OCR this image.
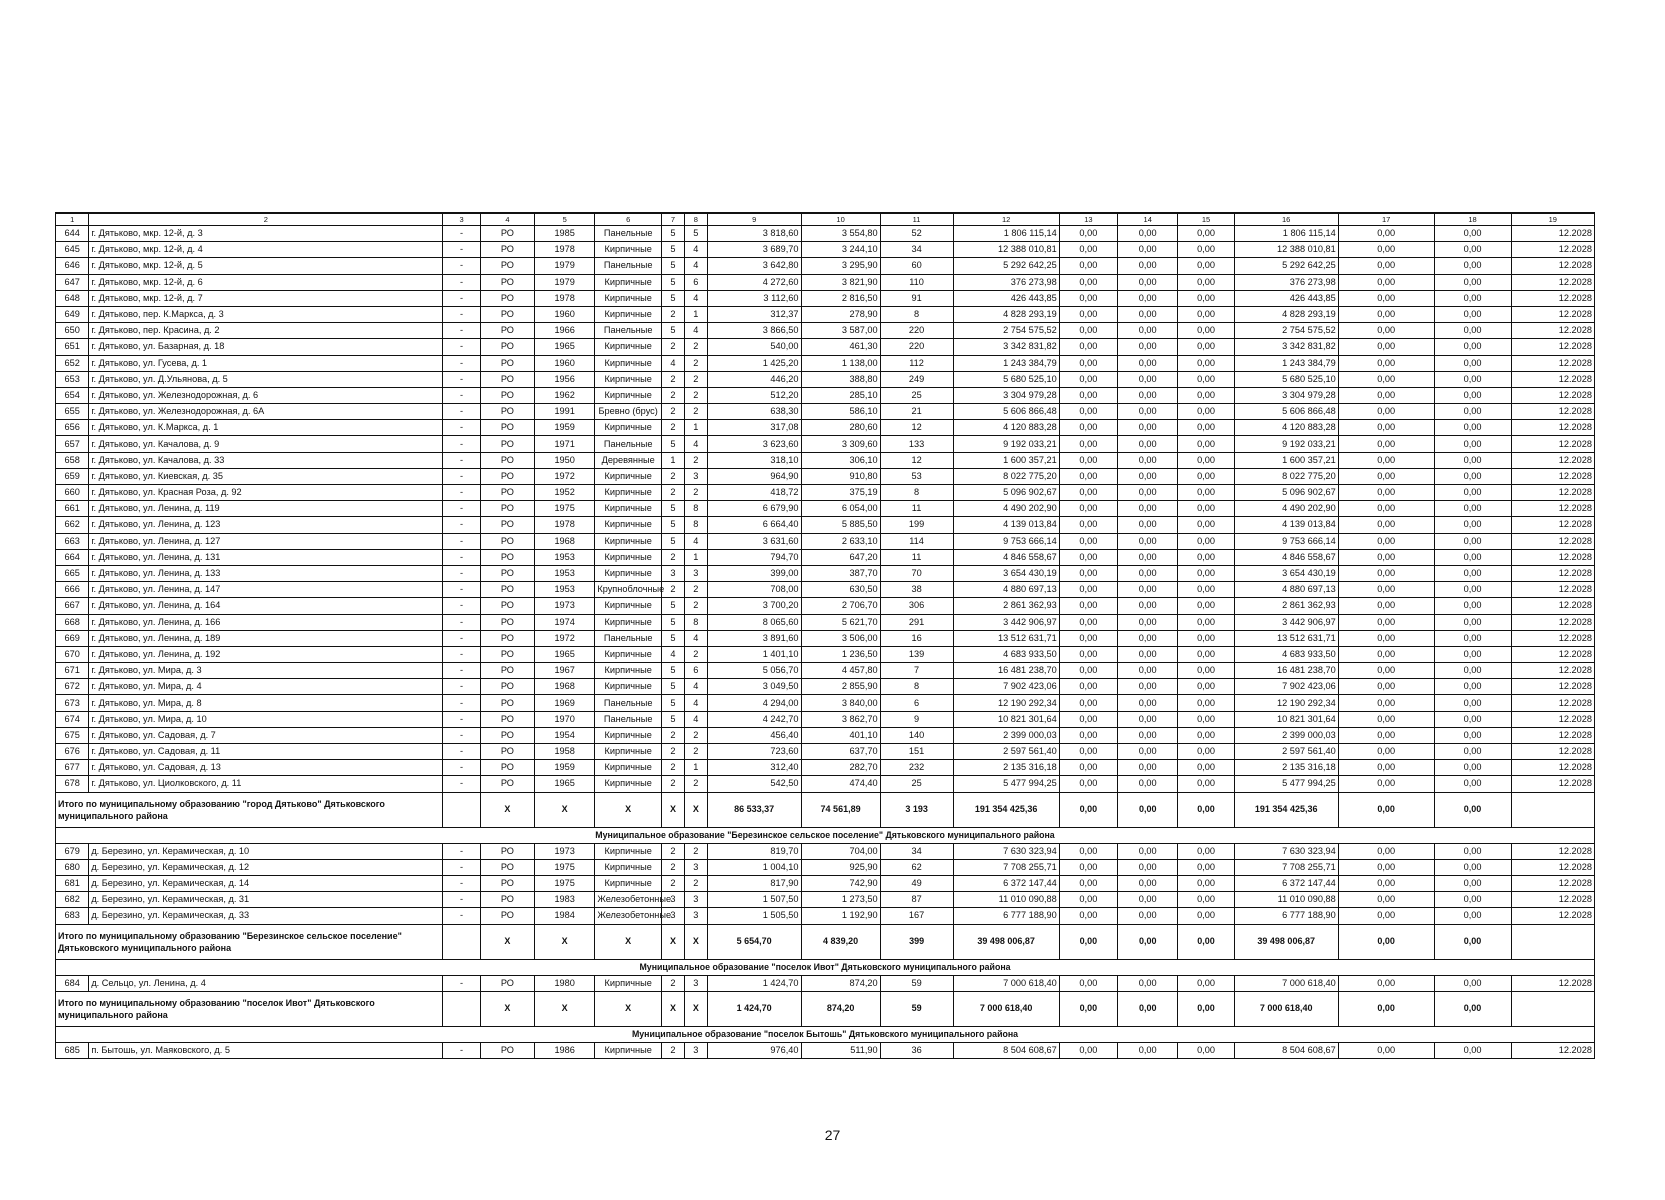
1	2	3	4	5	6	7	8	9	10	11	12	13	14	15	16	17	18	19
644	г. Дятьково, мкр. 12-й, д. 3	-	РО	1985	Панельные	5	5	3 818,60	3 554,80	52	1 806 115,14	0,00	0,00	0,00	1 806 115,14	0,00	0,00	12.2028
645	г. Дятьково, мкр. 12-й, д. 4	-	РО	1978	Кирпичные	5	4	3 689,70	3 244,10	34	12 388 010,81	0,00	0,00	0,00	12 388 010,81	0,00	0,00	12.2028
646	г. Дятьково, мкр. 12-й, д. 5	-	РО	1979	Панельные	5	4	3 642,80	3 295,90	60	5 292 642,25	0,00	0,00	0,00	5 292 642,25	0,00	0,00	12.2028
647	г. Дятьково, мкр. 12-й, д. 6	-	РО	1979	Кирпичные	5	6	4 272,60	3 821,90	110	376 273,98	0,00	0,00	0,00	376 273,98	0,00	0,00	12.2028
648	г. Дятьково, мкр. 12-й, д. 7	-	РО	1978	Кирпичные	5	4	3 112,60	2 816,50	91	426 443,85	0,00	0,00	0,00	426 443,85	0,00	0,00	12.2028
649	г. Дятьково, пер. К.Маркса, д. 3	-	РО	1960	Кирпичные	2	1	312,37	278,90	8	4 828 293,19	0,00	0,00	0,00	4 828 293,19	0,00	0,00	12.2028
650	г. Дятьково, пер. Красина, д. 2	-	РО	1966	Панельные	5	4	3 866,50	3 587,00	220	2 754 575,52	0,00	0,00	0,00	2 754 575,52	0,00	0,00	12.2028
651	г. Дятьково, ул. Базарная, д. 18	-	РО	1965	Кирпичные	2	2	540,00	461,30	220	3 342 831,82	0,00	0,00	0,00	3 342 831,82	0,00	0,00	12.2028
652	г. Дятьково, ул. Гусева, д. 1	-	РО	1960	Кирпичные	4	2	1 425,20	1 138,00	112	1 243 384,79	0,00	0,00	0,00	1 243 384,79	0,00	0,00	12.2028
653	г. Дятьково, ул. Д.Ульянова, д. 5	-	РО	1956	Кирпичные	2	2	446,20	388,80	249	5 680 525,10	0,00	0,00	0,00	5 680 525,10	0,00	0,00	12.2028
654	г. Дятьково, ул. Железнодорожная, д. 6	-	РО	1962	Кирпичные	2	2	512,20	285,10	25	3 304 979,28	0,00	0,00	0,00	3 304 979,28	0,00	0,00	12.2028
655	г. Дятьково, ул. Железнодорожная, д. 6А	-	РО	1991	Бревно (брус)	2	2	638,30	586,10	21	5 606 866,48	0,00	0,00	0,00	5 606 866,48	0,00	0,00	12.2028
656	г. Дятьково, ул. К.Маркса, д. 1	-	РО	1959	Кирпичные	2	1	317,08	280,60	12	4 120 883,28	0,00	0,00	0,00	4 120 883,28	0,00	0,00	12.2028
657	г. Дятьково, ул. Качалова, д. 9	-	РО	1971	Панельные	5	4	3 623,60	3 309,60	133	9 192 033,21	0,00	0,00	0,00	9 192 033,21	0,00	0,00	12.2028
658	г. Дятьково, ул. Качалова, д. 33	-	РО	1950	Деревянные	1	2	318,10	306,10	12	1 600 357,21	0,00	0,00	0,00	1 600 357,21	0,00	0,00	12.2028
659	г. Дятьково, ул. Киевская, д. 35	-	РО	1972	Кирпичные	2	3	964,90	910,80	53	8 022 775,20	0,00	0,00	0,00	8 022 775,20	0,00	0,00	12.2028
660	г. Дятьково, ул. Красная Роза, д. 92	-	РО	1952	Кирпичные	2	2	418,72	375,19	8	5 096 902,67	0,00	0,00	0,00	5 096 902,67	0,00	0,00	12.2028
661	г. Дятьково, ул. Ленина, д. 119	-	РО	1975	Кирпичные	5	8	6 679,90	6 054,00	11	4 490 202,90	0,00	0,00	0,00	4 490 202,90	0,00	0,00	12.2028
662	г. Дятьково, ул. Ленина, д. 123	-	РО	1978	Кирпичные	5	8	6 664,40	5 885,50	199	4 139 013,84	0,00	0,00	0,00	4 139 013,84	0,00	0,00	12.2028
663	г. Дятьково, ул. Ленина, д. 127	-	РО	1968	Кирпичные	5	4	3 631,60	2 633,10	114	9 753 666,14	0,00	0,00	0,00	9 753 666,14	0,00	0,00	12.2028
664	г. Дятьково, ул. Ленина, д. 131	-	РО	1953	Кирпичные	2	1	794,70	647,20	11	4 846 558,67	0,00	0,00	0,00	4 846 558,67	0,00	0,00	12.2028
665	г. Дятьково, ул. Ленина, д. 133	-	РО	1953	Кирпичные	3	3	399,00	387,70	70	3 654 430,19	0,00	0,00	0,00	3 654 430,19	0,00	0,00	12.2028
666	г. Дятьково, ул. Ленина, д. 147	-	РО	1953	Крупноблочные	2	2	708,00	630,50	38	4 880 697,13	0,00	0,00	0,00	4 880 697,13	0,00	0,00	12.2028
667	г. Дятьково, ул. Ленина, д. 164	-	РО	1973	Кирпичные	5	2	3 700,20	2 706,70	306	2 861 362,93	0,00	0,00	0,00	2 861 362,93	0,00	0,00	12.2028
668	г. Дятьково, ул. Ленина, д. 166	-	РО	1974	Кирпичные	5	8	8 065,60	5 621,70	291	3 442 906,97	0,00	0,00	0,00	3 442 906,97	0,00	0,00	12.2028
669	г. Дятьково, ул. Ленина, д. 189	-	РО	1972	Панельные	5	4	3 891,60	3 506,00	16	13 512 631,71	0,00	0,00	0,00	13 512 631,71	0,00	0,00	12.2028
670	г. Дятьково, ул. Ленина, д. 192	-	РО	1965	Кирпичные	4	2	1 401,10	1 236,50	139	4 683 933,50	0,00	0,00	0,00	4 683 933,50	0,00	0,00	12.2028
671	г. Дятьково, ул. Мира, д. 3	-	РО	1967	Кирпичные	5	6	5 056,70	4 457,80	7	16 481 238,70	0,00	0,00	0,00	16 481 238,70	0,00	0,00	12.2028
672	г. Дятьково, ул. Мира, д. 4	-	РО	1968	Кирпичные	5	4	3 049,50	2 855,90	8	7 902 423,06	0,00	0,00	0,00	7 902 423,06	0,00	0,00	12.2028
673	г. Дятьково, ул. Мира, д. 8	-	РО	1969	Панельные	5	4	4 294,00	3 840,00	6	12 190 292,34	0,00	0,00	0,00	12 190 292,34	0,00	0,00	12.2028
674	г. Дятьково, ул. Мира, д. 10	-	РО	1970	Панельные	5	4	4 242,70	3 862,70	9	10 821 301,64	0,00	0,00	0,00	10 821 301,64	0,00	0,00	12.2028
675	г. Дятьково, ул. Садовая, д. 7	-	РО	1954	Кирпичные	2	2	456,40	401,10	140	2 399 000,03	0,00	0,00	0,00	2 399 000,03	0,00	0,00	12.2028
676	г. Дятьково, ул. Садовая, д. 11	-	РО	1958	Кирпичные	2	2	723,60	637,70	151	2 597 561,40	0,00	0,00	0,00	2 597 561,40	0,00	0,00	12.2028
677	г. Дятьково, ул. Садовая, д. 13	-	РО	1959	Кирпичные	2	1	312,40	282,70	232	2 135 316,18	0,00	0,00	0,00	2 135 316,18	0,00	0,00	12.2028
678	г. Дятьково, ул. Циолковского, д. 11	-	РО	1965	Кирпичные	2	2	542,50	474,40	25	5 477 994,25	0,00	0,00	0,00	5 477 994,25	0,00	0,00	12.2028
Итого по муниципальному образованию "город Дятьково" Дятьковского муниципального района			X	X	X	X	X	86 533,37	74 561,89	3 193	191 354 425,36	0,00	0,00	0,00	191 354 425,36	0,00	0,00	
Муниципальное образование "Березинское сельское поселение" Дятьковского муниципального района																		
679	д. Березино, ул. Керамическая, д. 10	-	РО	1973	Кирпичные	2	2	819,70	704,00	34	7 630 323,94	0,00	0,00	0,00	7 630 323,94	0,00	0,00	12.2028
680	д. Березино, ул. Керамическая, д. 12	-	РО	1975	Кирпичные	2	3	1 004,10	925,90	62	7 708 255,71	0,00	0,00	0,00	7 708 255,71	0,00	0,00	12.2028
681	д. Березино, ул. Керамическая, д. 14	-	РО	1975	Кирпичные	2	2	817,90	742,90	49	6 372 147,44	0,00	0,00	0,00	6 372 147,44	0,00	0,00	12.2028
682	д. Березино, ул. Керамическая, д. 31	-	РО	1983	Железобетонные	3	3	1 507,50	1 273,50	87	11 010 090,88	0,00	0,00	0,00	11 010 090,88	0,00	0,00	12.2028
683	д. Березино, ул. Керамическая, д. 33	-	РО	1984	Железобетонные	3	3	1 505,50	1 192,90	167	6 777 188,90	0,00	0,00	0,00	6 777 188,90	0,00	0,00	12.2028
Итого по муниципальному образованию "Березинское сельское поселение" Дятьковского муниципального района			X	X	X	X	X	5 654,70	4 839,20	399	39 498 006,87	0,00	0,00	0,00	39 498 006,87	0,00	0,00	
Муниципальное образование "поселок Ивот" Дятьковского муниципального района																		
684	д. Сельцо, ул. Ленина, д. 4	-	РО	1980	Кирпичные	2	3	1 424,70	874,20	59	7 000 618,40	0,00	0,00	0,00	7 000 618,40	0,00	0,00	12.2028
Итого по муниципальному образованию "поселок Ивот" Дятьковского муниципального района			X	X	X	X	X	1 424,70	874,20	59	7 000 618,40	0,00	0,00	0,00	7 000 618,40	0,00	0,00	
Муниципальное образование "поселок Бытошь" Дятьковского муниципального района																		
685	п. Бытошь, ул. Маяковского, д. 5	-	РО	1986	Кирпичные	2	3	976,40	511,90	36	8 504 608,67	0,00	0,00	0,00	8 504 608,67	0,00	0,00	12.2028
27
